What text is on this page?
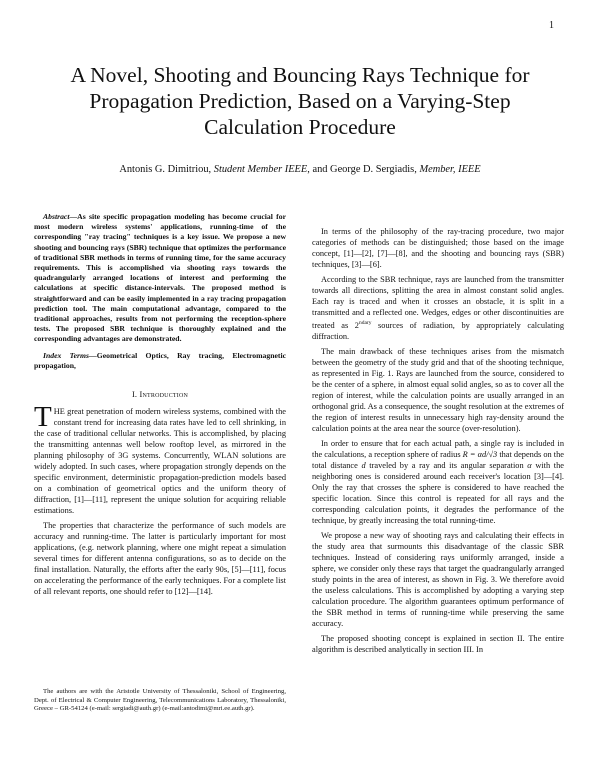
1
A Novel, Shooting and Bouncing Rays Technique for Propagation Prediction, Based on a Varying-Step Calculation Procedure
Antonis G. Dimitriou, Student Member IEEE, and George D. Sergiadis, Member, IEEE

Abstract—As site specific propagation modeling has become crucial for most modern wireless systems' applications, running-time of the corresponding "ray tracing" techniques is a key issue. We propose a new shooting and bouncing rays (SBR) technique that optimizes the performance of traditional SBR methods in terms of running time, for the same accuracy requirements. This is accomplished via shooting rays towards the quadrangularly arranged locations of interest and performing the calculations at specific distance-intervals. The proposed method is straightforward and can be easily implemented in a ray tracing propagation prediction tool. The main computational advantage, compared to the traditional approaches, results from not performing the reception-sphere tests. The proposed SBR technique is thoroughly explained and the corresponding advantages are demonstrated.

Index Terms—Geometrical Optics, Ray tracing, Electromagnetic propagation,

I. Introduction

THE great penetration of modern wireless systems, combined with the constant trend for increasing data rates have led to cell shrinking, in the case of traditional cellular networks. This is accomplished, by placing the transmitting antennas well below rooftop level, as mirrored in the planning philosophy of 3G systems. Concurrently, WLAN solutions are widely adopted. In such cases, where propagation strongly depends on the specific environment, deterministic propagation-prediction models based on a combination of geometrical optics and the uniform theory of diffraction, [1]—[11], represent the unique solution for acquiring reliable estimations.

The properties that characterize the performance of such models are accuracy and running-time. The latter is particularly important for most applications, (e.g. network planning, where one might repeat a simulation several times for different antenna configurations, so as to decide on the final installation. Naturally, the efforts after the early 90s, [5]—[11], focus on accelerating the performance of the early techniques. For a complete list of all relevant reports, one should refer to [12]—[14].

The authors are with the Aristotle University of Thessaloniki, School of Engineering, Dept. of Electrical & Computer Engineering, Telecommunications Laboratory, Thessaloniki, Greece – GR-54124 (e-mail: sergiadi@auth.gr) (e-mail:antodimi@mri.ee.auth.gr).

In terms of the philosophy of the ray-tracing procedure, two major categories of methods can be distinguished; those based on the image concept, [1]—[2], [7]—[8], and the shooting and bouncing rays (SBR) techniques, [3]—[6].

According to the SBR technique, rays are launched from the transmitter towards all directions, splitting the area in almost constant solid angles. Each ray is traced and when it crosses an obstacle, it is split in a transmitted and a reflected one. Wedges, edges or other discontinuities are treated as $2^{ndary}$ sources of radiation, by appropriately calculating diffraction.

The main drawback of these techniques arises from the mismatch between the geometry of the study grid and that of the shooting technique, as represented in Fig. 1. Rays are launched from the source, considered to be the center of a sphere, in almost equal solid angles, so as to cover all the region of interest, while the calculation points are usually arranged in an orthogonal grid. As a consequence, the sought resolution at the extremes of the region of interest results in unnecessary high ray-density around the calculation points at the area near the source (over-resolution).

In order to ensure that for each actual path, a single ray is included in the calculations, a reception sphere of radius R = αd/√3 that depends on the total distance d traveled by a ray and its angular separation α with the neighboring ones is considered around each receiver's location [3]—[4]. Only the ray that crosses the sphere is considered to have reached the specific location. Since this control is repeated for all rays and the corresponding calculation points, it degrades the performance of the technique, by greatly increasing the total running-time.

We propose a new way of shooting rays and calculating their effects in the study area that surmounts this disadvantage of the classic SBR techniques. Instead of considering rays uniformly arranged, inside a sphere, we consider only these rays that target the quadrangularly arranged study points in the area of interest, as shown in Fig. 3. We therefore avoid the useless calculations. This is accomplished by adopting a varying step calculation procedure. The algorithm guarantees optimum performance of the SBR method in terms of running-time while preserving the same accuracy.

The proposed shooting concept is explained in section II. The entire algorithm is described analytically in section III. In
